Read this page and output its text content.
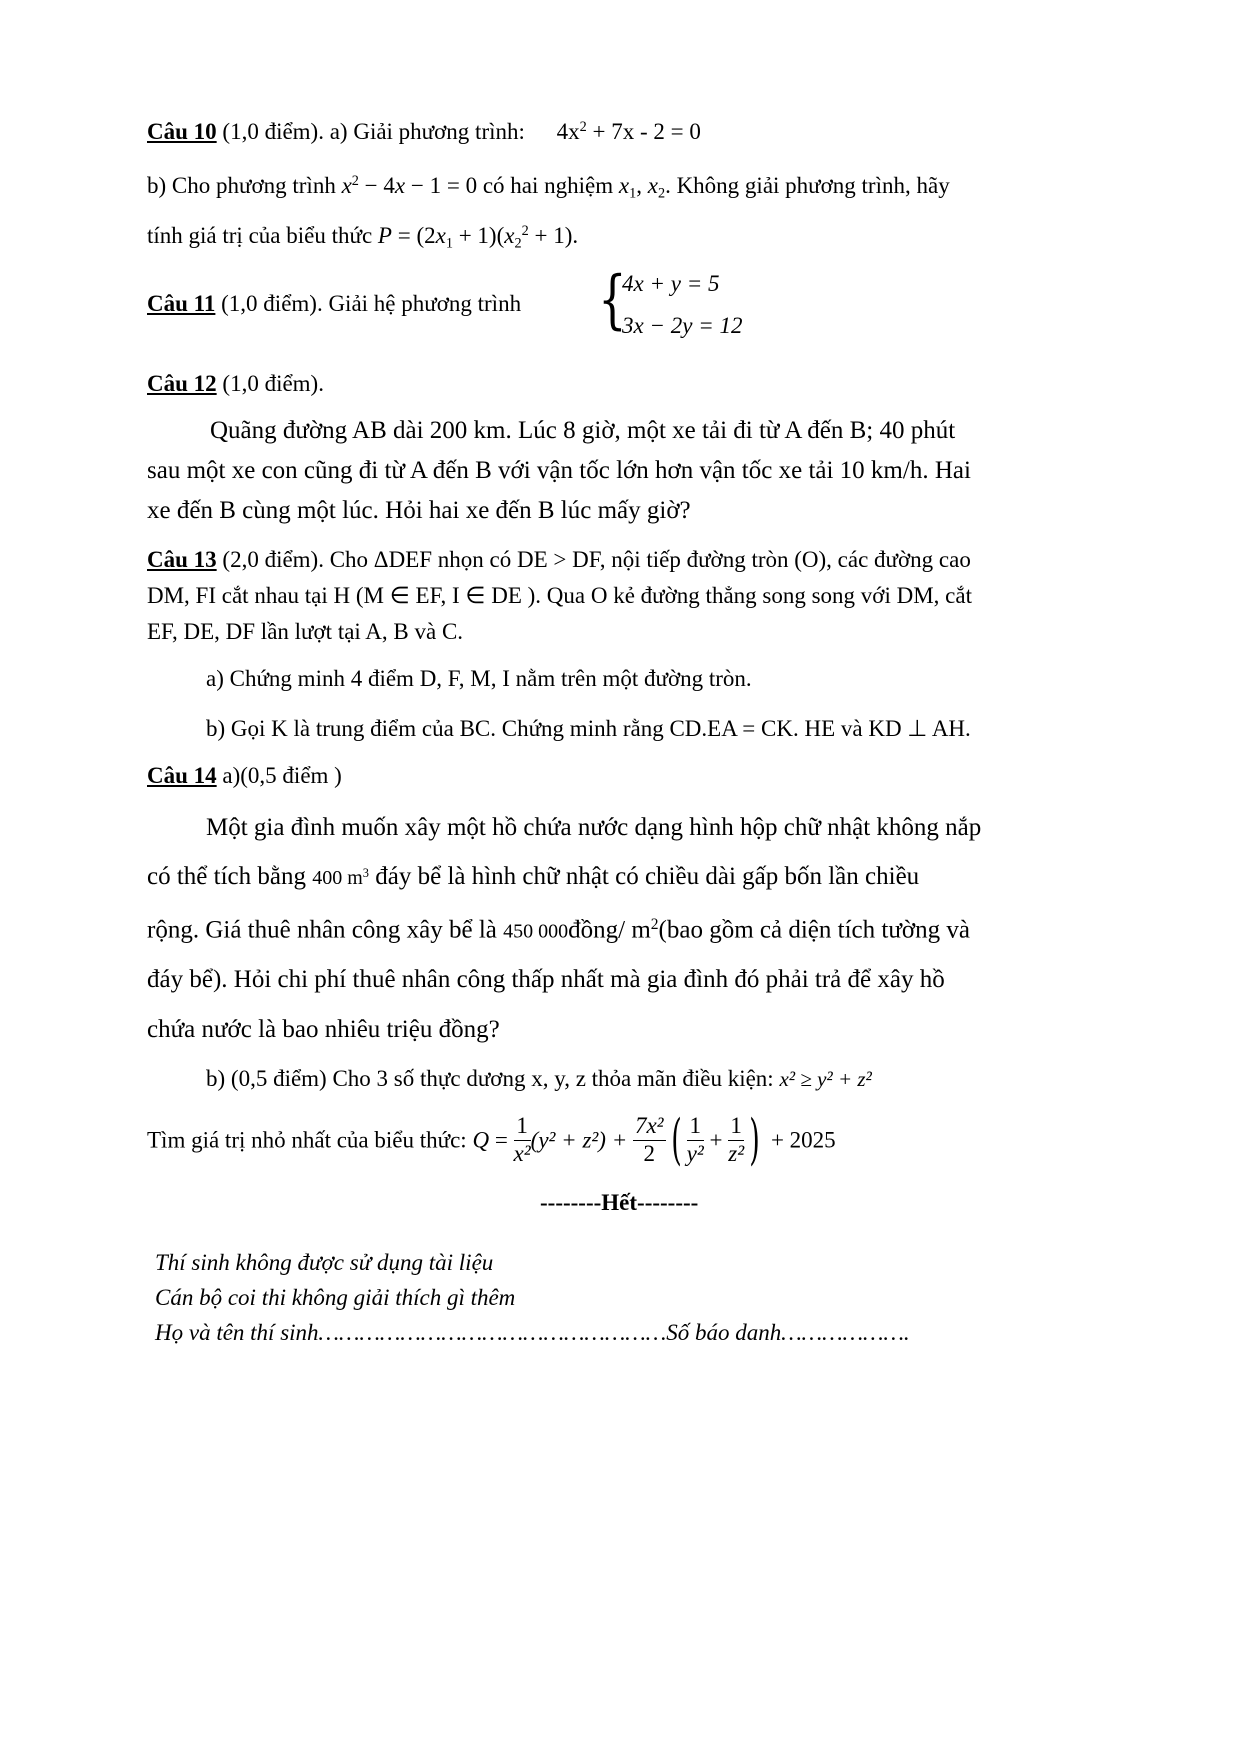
Câu 10 (1,0 điểm). a) Giải phương trình: $4x^2 + 7x - 2 = 0$
b) Cho phương trình $x^2 - 4x - 1 = 0$ có hai nghiệm $x_1$, $x_2$. Không giải phương trình, hãy
tính giá trị của biểu thức $P = (2x_1 + 1)(x_2^2 + 1)$.
Câu 11 (1,0 điểm). Giải hệ phương trình {
4x + y = 5
3x − 2y = 12
Câu 12 (1,0 điểm).
Quãng đường AB dài 200 km. Lúc 8 giờ, một xe tải đi từ A đến B; 40 phút
sau một xe con cũng đi từ A đến B với vận tốc lớn hơn vận tốc xe tải 10 km/h. Hai
xe đến B cùng một lúc. Hỏi hai xe đến B lúc mấy giờ?
Câu 13 (2,0 điểm). Cho ΔDEF nhọn có DE > DF, nội tiếp đường tròn (O), các đường cao
DM, FI cắt nhau tại H (M ∈ EF, I ∈ DE ). Qua O kẻ đường thẳng song song với DM, cắt
EF, DE, DF lần lượt tại A, B và C.
a) Chứng minh 4 điểm D, F, M, I nằm trên một đường tròn.
b) Gọi K là trung điểm của BC. Chứng minh rằng CD.EA = CK. HE và KD ⊥ AH.
Câu 14 a)(0,5 điểm )
Một gia đình muốn xây một hồ chứa nước dạng hình hộp chữ nhật không nắp
có thể tích bằng 400 $m^3$ đáy bể là hình chữ nhật có chiều dài gấp bốn lần chiều
rộng. Giá thuê nhân công xây bể là 450 000đồng/ $m^2(bao$ gồm cả diện tích tường và
đáy bể). Hỏi chi phí thuê nhân công thấp nhất mà gia đình đó phải trả để xây hồ
chứa nước là bao nhiêu triệu đồng?
b) (0,5 điểm) Cho 3 số thực dương x, y, z thỏa mãn điều kiện: x² ≥ y² + z²
Tìm giá trị nhỏ nhất của biểu thức: $Q = \frac{1}{\text{x²}} (y^2 + z^2) + \frac{\text{7x²}}{2}$ ( $\frac{1}{\text{y²}} + \frac{1}{\text{z²}}$ ) + 2025
--------Hết--------
Thí sinh không được sử dụng tài liệu
Cán bộ coi thi không giải thích gì thêm
Họ và tên thí sinh……………………………………………Số báo danh……………….
